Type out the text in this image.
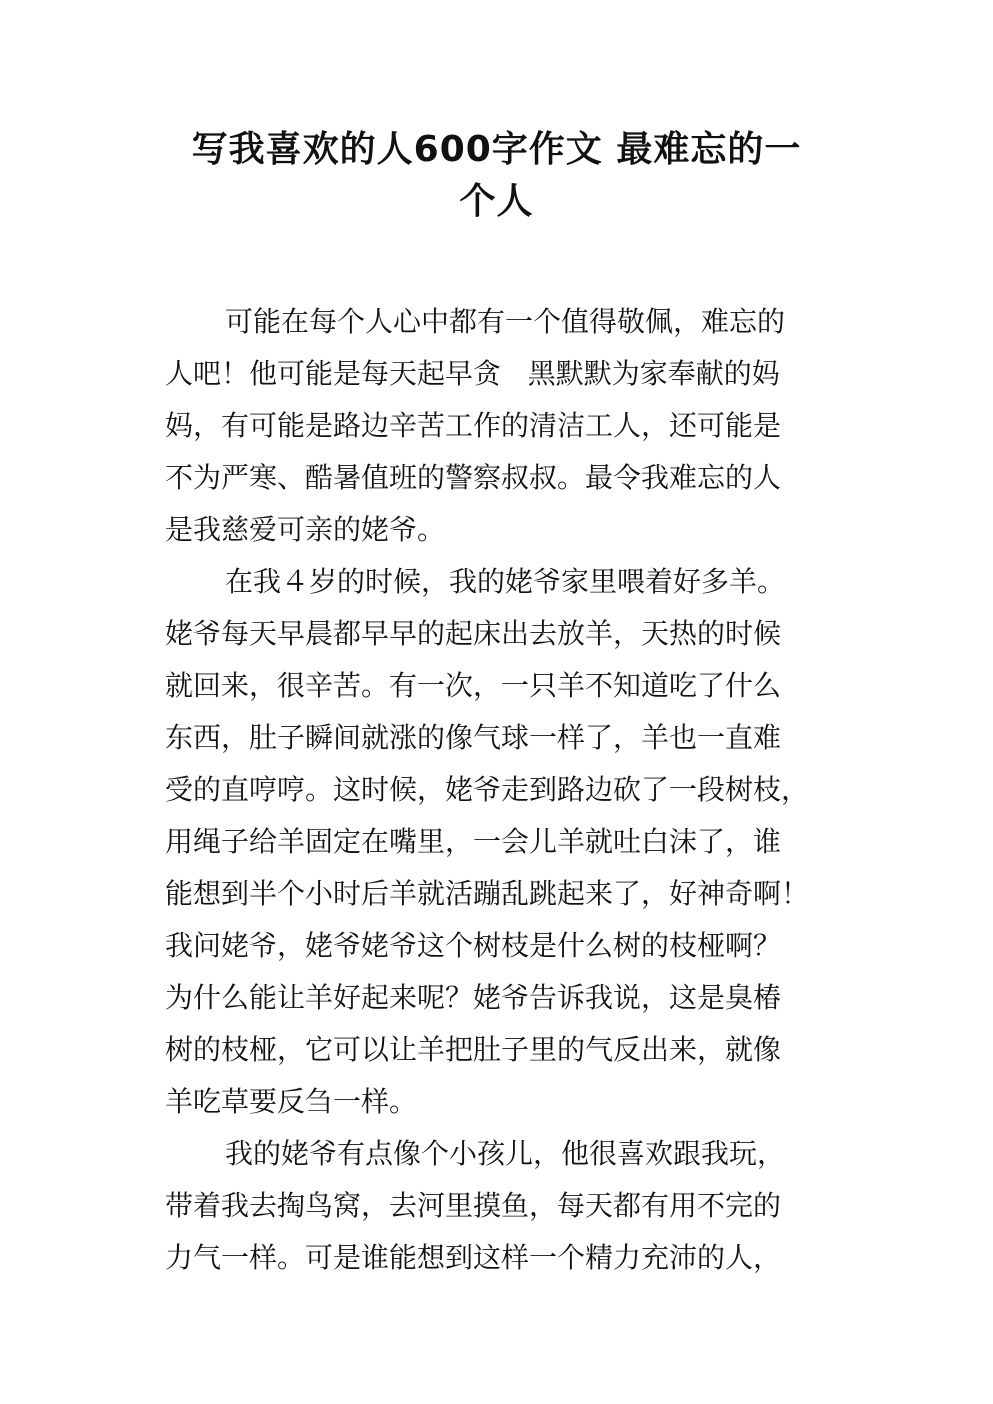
写我喜欢的人600字作文 最难忘的一
个人
可能在每个人心中都有一个值得敬佩，难忘的
人吧！他可能是每天起早贪   黑默默为家奉献的妈
妈，有可能是路边辛苦工作的清洁工人，还可能是
不为严寒、酷暑值班的警察叔叔。最令我难忘的人
是我慈爱可亲的姥爷。
在我４岁的时候，我的姥爷家里喂着好多羊。
姥爷每天早晨都早早的起床出去放羊，天热的时候
就回来，很辛苦。有一次，一只羊不知道吃了什么
东西，肚子瞬间就涨的像气球一样了，羊也一直难
受的直哼哼。这时候，姥爷走到路边砍了一段树枝，
用绳子给羊固定在嘴里，一会儿羊就吐白沫了，谁
能想到半个小时后羊就活蹦乱跳起来了，好神奇啊！
我问姥爷，姥爷姥爷这个树枝是什么树的枝桠啊？
为什么能让羊好起来呢？姥爷告诉我说，这是臭椿
树的枝桠，它可以让羊把肚子里的气反出来，就像
羊吃草要反刍一样。
我的姥爷有点像个小孩儿，他很喜欢跟我玩，
带着我去掏鸟窝，去河里摸鱼，每天都有用不完的
力气一样。可是谁能想到这样一个精力充沛的人，
